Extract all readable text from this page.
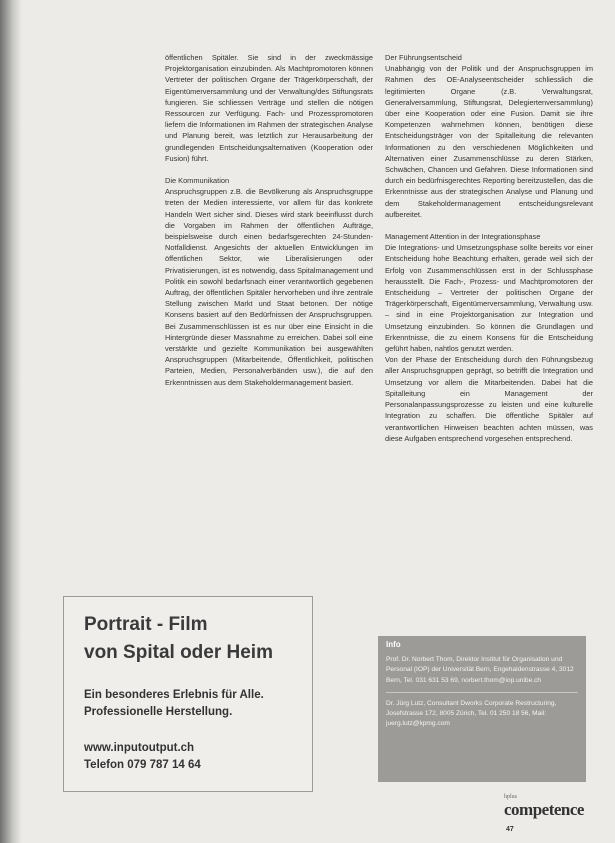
öffentlichen Spitäler. Sie sind in der zweckmässige Projektorganisation einzubinden. Als Machtpromotoren können Vertreter der politischen Organe der Trägerkörperschaft, der Eigentümerversammlung und der Verwaltung/des Stiftungsrats fungieren. Sie schliessen Verträge und stellen die nötigen Ressourcen zur Verfügung. Fach- und Prozesspromotoren liefern die Informationen im Rahmen der strategischen Analyse und Planung bereit, was letztlich zur Herausarbeitung der grundlegenden Entscheidungsalternativen (Kooperation oder Fusion) führt.

Die Kommunikation

Anspruchsgruppen z.B. die Bevölkerung als Anspruchsgruppe treten der Medien interessierte, vor allem für das konkrete Handeln Wert sicher sind. Dieses wird stark beeinflusst durch die Vorgaben im Rahmen der öffentlichen Aufträge, beispielsweise durch einen bedarfsgerechten 24-Stunden-Notfalldienst. Angesichts der aktuellen Entwicklungen im öffentlichen Sektor, wie Liberalisierungen oder Privatisierungen, ist es notwendig, dass Spitalmanagement und Politik ein sowohl bedarfsnach einer verantwortlich gegebenen Auftrag, der öffentlichen Spitäler hervorheben und ihre zentrale Stellung zwischen Markt und Staat betonen. Der nötige Konsens basiert auf den Bedürfnissen der Anspruchsgruppen. Bei Zusammenschlüssen ist es nur über eine Einsicht in die Hintergründe dieser Massnahme zu erreichen. Dabei soll eine verstärkte und gezielte Kommunikation bei ausgewählten Anspruchsgruppen (Mitarbeitende, Öffentlichkeit, politischen Parteien, Medien, Personalverbänden usw.), die auf den Erkenntnissen aus dem Stakeholdermanagement basiert.

Der Führungsentscheid

Unabhängig von der Politik und der Anspruchsgruppen im Rahmen des OE-Analyseentscheider schliesslich die legitimierten Organe (z.B. Verwaltungsrat, Generalversammlung, Stiftungsrat, Delegiertenversammlung) über eine Kooperation oder eine Fusion. Damit sie ihre Kompetenzen wahrnehmen können, benötigen diese Entscheidungsträger von der Spitalleitung die relevanten Informationen zu den verschiedenen Möglichkeiten und Alternativen einer Zusammenschlüsse zu deren Stärken, Schwächen, Chancen und Gefahren. Diese Informationen sind durch ein bedürfnisgerechtes Reporting bereitzustellen, das die Erkenntnisse aus der strategischen Analyse und Planung und dem Stakeholdermanagement entscheidungsrelevant aufbereitet.

Management Attention in der Integrationsphase

Die Integrations- und Umsetzungsphase sollte bereits vor einer Entscheidung hohe Beachtung erhalten, gerade weil sich der Erfolg von Zusammenschlüssen erst in der Schlussphase herausstellt. Die Fach-, Prozess- und Machtpromotoren der Entscheidung – Vertreter der politischen Organe der Trägerkörperschaft, Eigentümerversammlung, Verwaltung usw. – sind in eine Projektorganisation zur Integration und Umsetzung einzubinden. So können die Grundlagen und Erkenntnisse, die zu einem Konsens für die Entscheidung geführt haben, nahtlos genutzt werden.

Von der Phase der Entscheidung durch den Führungsbezug aller Anspruchsgruppen geprägt, so betrifft die Integration und Umsetzung vor allem die Mitarbeitenden. Dabei hat die Spitalleitung ein Management der Personalanpassungsprozesse zu leisten und eine kulturelle Integration zu schaffen. Die öffentliche Spitäler auf verantwortlichen Hinweisen beachten achten müssen, was diese Aufgaben entsprechend vorgesehen entsprechend.

Portrait - Film
von Spital oder Heim
Ein besonderes Erlebnis für Alle.
Professionelle Herstellung.
www.inputoutput.ch
Telefon 079 787 14 64
Info
Prof. Dr. Norbert Thom, Direktor Institut für Organisation und Personal (IOP) der Universität Bern, Engehaldenstrasse 4, 3012 Bern, Tel. 031 631 53 69, norbert.thom@iop.unibe.ch
Dr. Jürg Lutz, Consultant Dworks Corporate Restructuring, Josefstrasse 172, 8005 Zürich, Tel. 01 250 18 56, Mail: juerg.lutz@kpmg.com
hplus
competence
47
